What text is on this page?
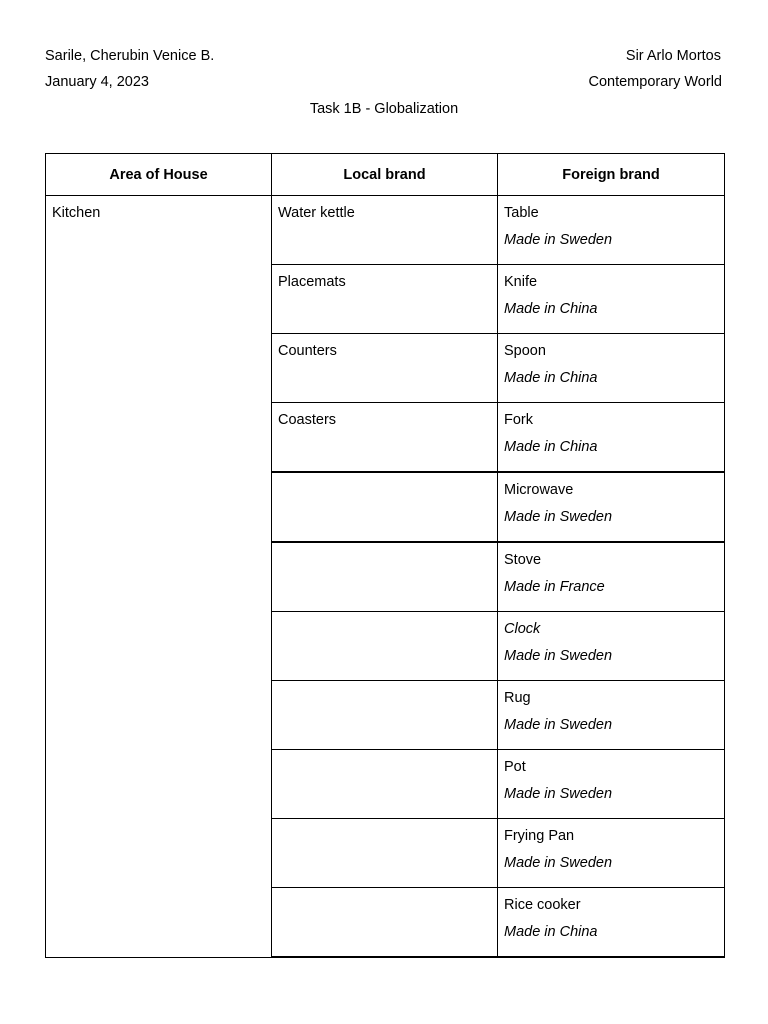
Sarile, Cherubin Venice B.
January 4, 2023
Sir Arlo Mortos
Contemporary World
Task 1B - Globalization
Area of House	Local brand	Foreign brand

Kitchen	Water kettle	Table
Made in Sweden

	Placemats	Knife
Made in China

	Counters	Spoon
Made in China

	Coasters	Fork
Made in China

		Microwave
Made in Sweden

		Stove
Made in France

		Clock
Made in Sweden

		Rug
Made in Sweden

		Pot
Made in Sweden

		Frying Pan
Made in Sweden

		Rice cooker
Made in China
